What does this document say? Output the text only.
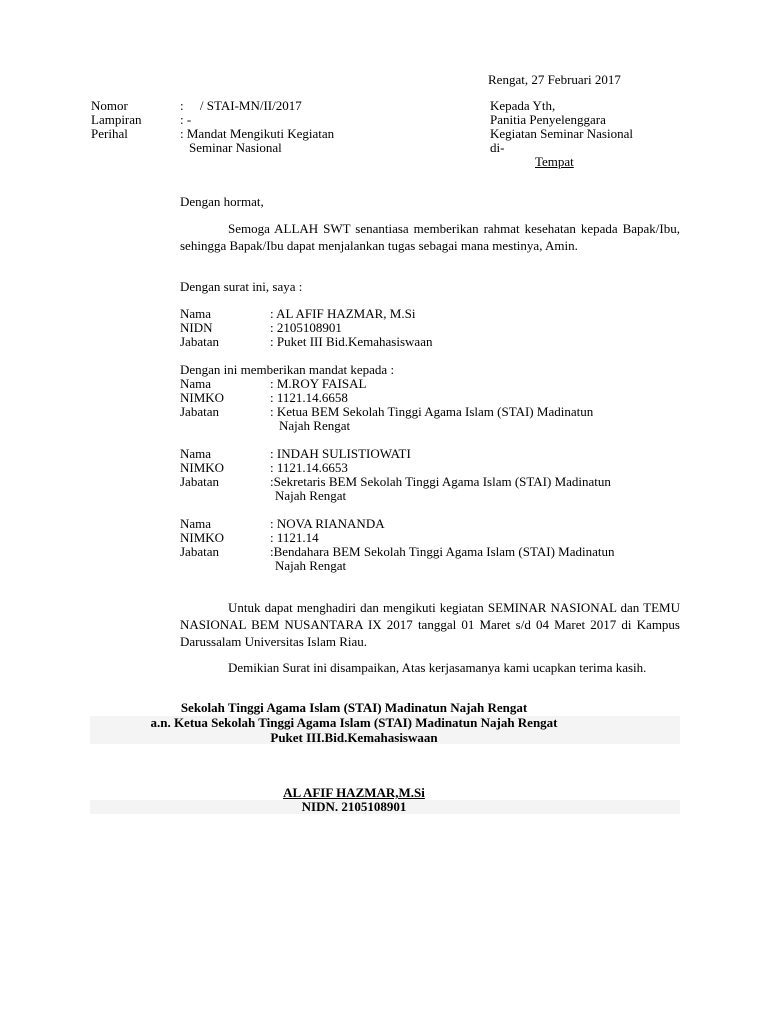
Rengat, 27 Februari 2017
Nomor	:     / STAI-MN/II/2017
Lampiran	: -
Perihal	: Mandat Mengikuti Kegiatan
Seminar Nasional
Kepada Yth,
Panitia Penyelenggara
Kegiatan Seminar Nasional
di-
Tempat
Dengan hormat,
Semoga ALLAH SWT senantiasa memberikan rahmat kesehatan kepada Bapak/Ibu, sehingga Bapak/Ibu dapat menjalankan tugas sebagai mana mestinya, Amin.
Dengan surat ini, saya :
Nama	: AL AFIF HAZMAR, M.Si
NIDN	: 2105108901
Jabatan	: Puket III Bid.Kemahasiswaan
Dengan ini memberikan mandat kepada :
Nama	: M.ROY FAISAL
NIMKO	: 1121.14.6658
Jabatan	: Ketua BEM Sekolah Tinggi Agama Islam (STAI) Madinatun
Najah Rengat
Nama	: INDAH SULISTIOWATI
NIMKO	: 1121.14.6653
Jabatan	:Sekretaris BEM Sekolah Tinggi Agama Islam (STAI) Madinatun
Najah Rengat
Nama	: NOVA RIANANDA
NIMKO	: 1121.14
Jabatan	:Bendahara BEM Sekolah Tinggi Agama Islam (STAI) Madinatun
Najah Rengat
Untuk dapat menghadiri dan mengikuti kegiatan SEMINAR NASIONAL dan TEMU NASIONAL BEM NUSANTARA IX 2017 tanggal 01 Maret s/d 04 Maret 2017 di Kampus Darussalam Universitas Islam Riau.
Demikian Surat ini disampaikan, Atas kerjasamanya kami ucapkan terima kasih.
Sekolah Tinggi Agama Islam (STAI) Madinatun Najah Rengat
a.n. Ketua Sekolah Tinggi Agama Islam (STAI) Madinatun Najah Rengat
Puket III.Bid.Kemahasiswaan
AL AFIF HAZMAR,M.Si
NIDN. 2105108901
